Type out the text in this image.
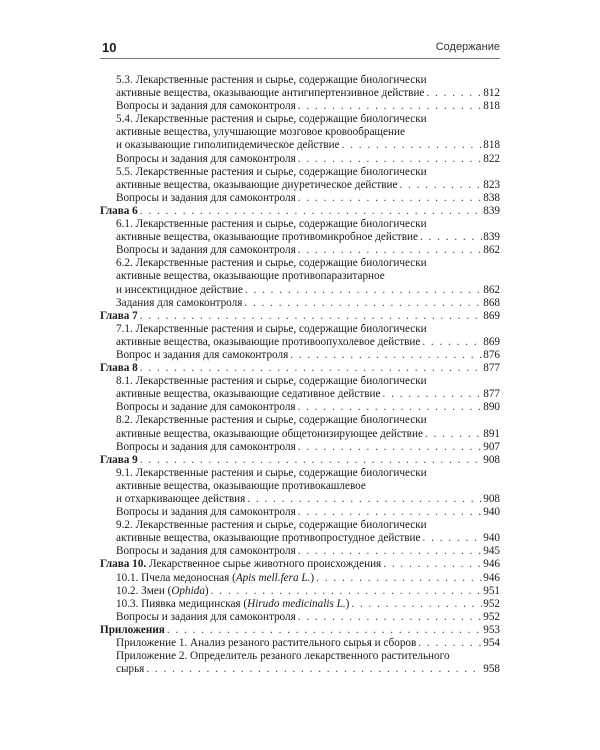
10	Содержание
5.3. Лекарственные растения и сырье, содержащие биологически
активные вещества, оказывающие антигипертензивное действие . . .	812
Вопросы и задания для самоконтроля . . .	818
5.4. Лекарственные растения и сырье, содержащие биологически
активные вещества, улучшающие мозговое кровообращение
и оказывающие гиполипидемическое действие . . .	818
Вопросы и задания для самоконтроля . . .	822
5.5. Лекарственные растения и сырье, содержащие биологически
активные вещества, оказывающие диуретическое действие . . .	823
Вопросы и задания для самоконтроля . . .	838
Глава 6 . . .	839
6.1. Лекарственные растения и сырье, содержащие биологически
активные вещества, оказывающие противомикробное действие . . .	839
Вопросы и задания для самоконтроля . . .	862
6.2. Лекарственные растения и сырье, содержащие биологически
активные вещества, оказывающие противопаразитарное
и инсектицидное действие . . .	862
Задания для самоконтроля . . .	868
Глава 7 . . .	869
7.1. Лекарственные растения и сырье, содержащие биологически
активные вещества, оказывающие противоопухолевое действие . . .	869
Вопрос и задания для самоконтроля . . .	876
Глава 8 . . .	877
8.1. Лекарственные растения и сырье, содержащие биологически
активные вещества, оказывающие седативное действие . . .	877
Вопросы и задание для самоконтроля . . .	890
8.2. Лекарственные растения и сырье, содержащие биологически
активные вещества, оказывающие общетонизирующее действие . . .	891
Вопросы и задания для самоконтроля . . .	907
Глава 9 . . .	908
9.1. Лекарственные растения и сырье, содержащие биологически
активные вещества, оказывающие противокашлевое
и отхаркивающее действия . . .	908
Вопросы и задания для самоконтроля . . .	940
9.2. Лекарственные растения и сырье, содержащие биологически
активные вещества, оказывающие противопростудное действие . . .	940
Вопросы и задания для самоконтроля . . .	945
Глава 10. Лекарственное сырье животного происхождения . . .	946
10.1. Пчела медоносная (Apis mell.fera L.) . . .	946
10.2. Змеи (Ophida) . . .	951
10.3. Пиявка медицинская (Hirudo medicinalis L.) . . .	952
Вопросы и задания для самоконтроля . . .	952
Приложения . . .	953
Приложение 1. Анализ резаного растительного сырья и сборов . . .	954
Приложение 2. Определитель резаного лекарственного растительного
сырья . . .	958
